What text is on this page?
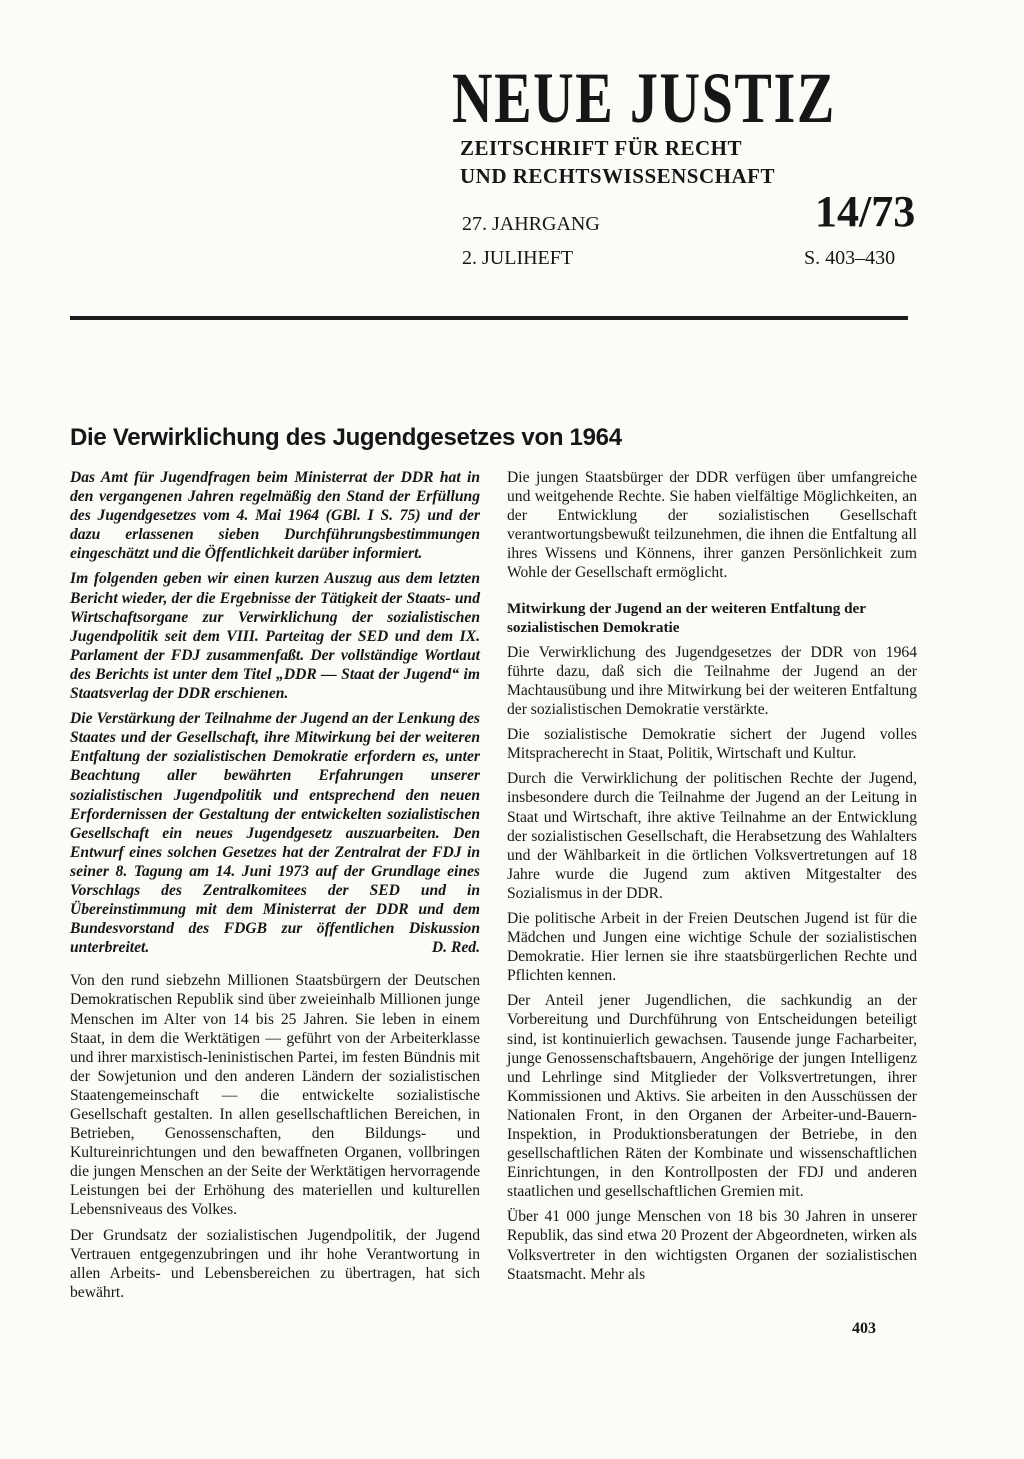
NEUE JUSTIZ
ZEITSCHRIFT FÜR RECHT
UND RECHTSWISSENSCHAFT
27. JAHRGANG
2. JULIHEFT
14/73
S. 403–430
Die Verwirklichung des Jugendgesetzes von 1964

Das Amt für Jugendfragen beim Ministerrat der DDR hat in den vergangenen Jahren regelmäßig den Stand der Erfüllung des Jugendgesetzes vom 4. Mai 1964 (GBl. I S. 75) und der dazu erlassenen sieben Durchführungsbestimmungen eingeschätzt und die Öffentlichkeit darüber informiert.

Im folgenden geben wir einen kurzen Auszug aus dem letzten Bericht wieder, der die Ergebnisse der Tätigkeit der Staats- und Wirtschaftsorgane zur Verwirklichung der sozialistischen Jugendpolitik seit dem VIII. Parteitag der SED und dem IX. Parlament der FDJ zusammenfaßt. Der vollständige Wortlaut des Berichts ist unter dem Titel „DDR — Staat der Jugend“ im Staatsverlag der DDR erschienen.

Die Verstärkung der Teilnahme der Jugend an der Lenkung des Staates und der Gesellschaft, ihre Mitwirkung bei der weiteren Entfaltung der sozialistischen Demokratie erfordern es, unter Beachtung aller bewährten Erfahrungen unserer sozialistischen Jugendpolitik und entsprechend den neuen Erfordernissen der Gestaltung der entwickelten sozialistischen Gesellschaft ein neues Jugendgesetz auszuarbeiten. Den Entwurf eines solchen Gesetzes hat der Zentralrat der FDJ in seiner 8. Tagung am 14. Juni 1973 auf der Grundlage eines Vorschlags des Zentralkomitees der SED und in Übereinstimmung mit dem Ministerrat der DDR und dem Bundesvorstand des FDGB zur öffentlichen Diskussion unterbreitet.	D. Red.

Von den rund siebzehn Millionen Staatsbürgern der Deutschen Demokratischen Republik sind über zweieinhalb Millionen junge Menschen im Alter von 14 bis 25 Jahren. Sie leben in einem Staat, in dem die Werktätigen — geführt von der Arbeiterklasse und ihrer marxistisch-leninistischen Partei, im festen Bündnis mit der Sowjetunion und den anderen Ländern der sozialistischen Staatengemeinschaft — die entwickelte sozialistische Gesellschaft gestalten. In allen gesellschaftlichen Bereichen, in Betrieben, Genossenschaften, den Bildungs- und Kultureinrichtungen und den bewaffneten Organen, vollbringen die jungen Menschen an der Seite der Werktätigen hervorragende Leistungen bei der Erhöhung des materiellen und kulturellen Lebensniveaus des Volkes.

Der Grundsatz der sozialistischen Jugendpolitik, der Jugend Vertrauen entgegenzubringen und ihr hohe Verantwortung in allen Arbeits- und Lebensbereichen zu übertragen, hat sich bewährt.

Die jungen Staatsbürger der DDR verfügen über umfangreiche und weitgehende Rechte. Sie haben vielfältige Möglichkeiten, an der Entwicklung der sozialistischen Gesellschaft verantwortungsbewußt teilzunehmen, die ihnen die Entfaltung all ihres Wissens und Könnens, ihrer ganzen Persönlichkeit zum Wohle der Gesellschaft ermöglicht.

Mitwirkung der Jugend an der weiteren Entfaltung der sozialistischen Demokratie

Die Verwirklichung des Jugendgesetzes der DDR von 1964 führte dazu, daß sich die Teilnahme der Jugend an der Machtausübung und ihre Mitwirkung bei der weiteren Entfaltung der sozialistischen Demokratie verstärkte.

Die sozialistische Demokratie sichert der Jugend volles Mitspracherecht in Staat, Politik, Wirtschaft und Kultur.

Durch die Verwirklichung der politischen Rechte der Jugend, insbesondere durch die Teilnahme der Jugend an der Leitung in Staat und Wirtschaft, ihre aktive Teilnahme an der Entwicklung der sozialistischen Gesellschaft, die Herabsetzung des Wahlalters und der Wählbarkeit in die örtlichen Volksvertretungen auf 18 Jahre wurde die Jugend zum aktiven Mitgestalter des Sozialismus in der DDR.

Die politische Arbeit in der Freien Deutschen Jugend ist für die Mädchen und Jungen eine wichtige Schule der sozialistischen Demokratie. Hier lernen sie ihre staatsbürgerlichen Rechte und Pflichten kennen.

Der Anteil jener Jugendlichen, die sachkundig an der Vorbereitung und Durchführung von Entscheidungen beteiligt sind, ist kontinuierlich gewachsen. Tausende junge Facharbeiter, junge Genossenschaftsbauern, Angehörige der jungen Intelligenz und Lehrlinge sind Mitglieder der Volksvertretungen, ihrer Kommissionen und Aktivs. Sie arbeiten in den Ausschüssen der Nationalen Front, in den Organen der Arbeiter-und-Bauern-Inspektion, in Produktionsberatungen der Betriebe, in den gesellschaftlichen Räten der Kombinate und wissenschaftlichen Einrichtungen, in den Kontrollposten der FDJ und anderen staatlichen und gesellschaftlichen Gremien mit.

Über 41 000 junge Menschen von 18 bis 30 Jahren in unserer Republik, das sind etwa 20 Prozent der Abgeordneten, wirken als Volksvertreter in den wichtigsten Organen der sozialistischen Staatsmacht. Mehr als

403
